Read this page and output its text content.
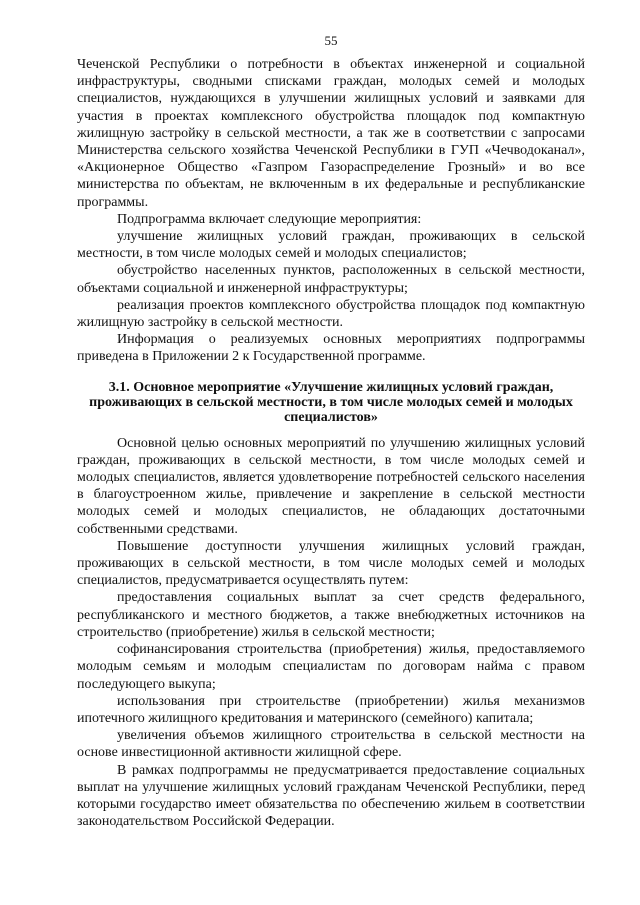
55

Чеченской Республики о потребности в объектах инженерной и социальной инфраструктуры, сводными списками граждан, молодых семей и молодых специалистов, нуждающихся в улучшении жилищных условий и заявками для участия в проектах комплексного обустройства площадок под компактную жилищную застройку в сельской местности, а так же в соответствии с запросами Министерства сельского хозяйства Чеченской Республики в ГУП «Чечводоканал», «Акционерное Общество «Газпром Газораспределение Грозный» и во все министерства по объектам, не включенным в их федеральные и республиканские программы.

Подпрограмма включает следующие мероприятия:

улучшение жилищных условий граждан, проживающих в сельской местности, в том числе молодых семей и молодых специалистов;

обустройство населенных пунктов, расположенных в сельской местности, объектами социальной и инженерной инфраструктуры;

реализация проектов комплексного обустройства площадок под компактную жилищную застройку в сельской местности.

Информация о реализуемых основных мероприятиях подпрограммы приведена в Приложении 2 к Государственной программе.

3.1. Основное мероприятие «Улучшение жилищных условий граждан, проживающих в сельской местности, в том числе молодых семей и молодых специалистов»

Основной целью основных мероприятий по улучшению жилищных условий граждан, проживающих в сельской местности, в том числе молодых семей и молодых специалистов, является удовлетворение потребностей сельского населения в благоустроенном жилье, привлечение и закрепление в сельской местности молодых семей и молодых специалистов, не обладающих достаточными собственными средствами.

Повышение доступности улучшения жилищных условий граждан, проживающих в сельской местности, в том числе молодых семей и молодых специалистов, предусматривается осуществлять путем:

предоставления социальных выплат за счет средств федерального, республиканского и местного бюджетов, а также внебюджетных источников на строительство (приобретение) жилья в сельской местности;

софинансирования строительства (приобретения) жилья, предоставляемого молодым семьям и молодым специалистам по договорам найма с правом последующего выкупа;

использования при строительстве (приобретении) жилья механизмов ипотечного жилищного кредитования и материнского (семейного) капитала;

увеличения объемов жилищного строительства в сельской местности на основе инвестиционной активности жилищной сфере.

В рамках подпрограммы не предусматривается предоставление социальных выплат на улучшение жилищных условий гражданам Чеченской Республики, перед которыми государство имеет обязательства по обеспечению жильем в соответствии законодательством Российской Федерации.
